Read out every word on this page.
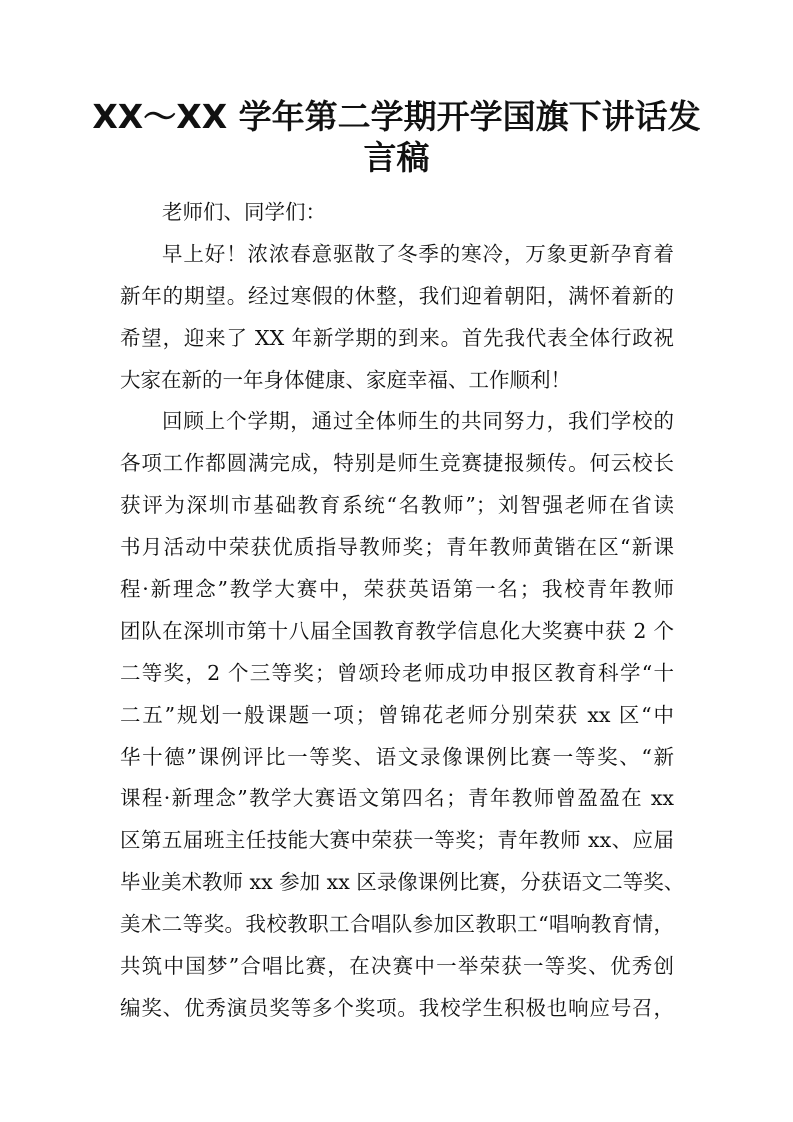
XX～XX 学年第二学期开学国旗下讲话发
言稿
老师们、同学们：
早上好！浓浓春意驱散了冬季的寒冷，万象更新孕育着
新年的期望。经过寒假的休整，我们迎着朝阳，满怀着新的
希望，迎来了 XX 年新学期的到来。首先我代表全体行政祝
大家在新的一年身体健康、家庭幸福、工作顺利！
回顾上个学期，通过全体师生的共同努力，我们学校的
各项工作都圆满完成，特别是师生竞赛捷报频传。何云校长
获评为深圳市基础教育系统“名教师”；刘智强老师在省读
书月活动中荣获优质指导教师奖；青年教师黄锴在区“新课
程·新理念”教学大赛中，荣获英语第一名；我校青年教师
团队在深圳市第十八届全国教育教学信息化大奖赛中获 2 个
二等奖，2 个三等奖；曾颂玲老师成功申报区教育科学“十
二五”规划一般课题一项；曾锦花老师分别荣获 xx 区“中
华十德”课例评比一等奖、语文录像课例比赛一等奖、“新
课程·新理念”教学大赛语文第四名；青年教师曾盈盈在 xx
区第五届班主任技能大赛中荣获一等奖；青年教师 xx、应届
毕业美术教师 xx 参加 xx 区录像课例比赛，分获语文二等奖、
美术二等奖。我校教职工合唱队参加区教职工“唱响教育情，
共筑中国梦”合唱比赛，在决赛中一举荣获一等奖、优秀创
编奖、优秀演员奖等多个奖项。我校学生积极也响应号召，
